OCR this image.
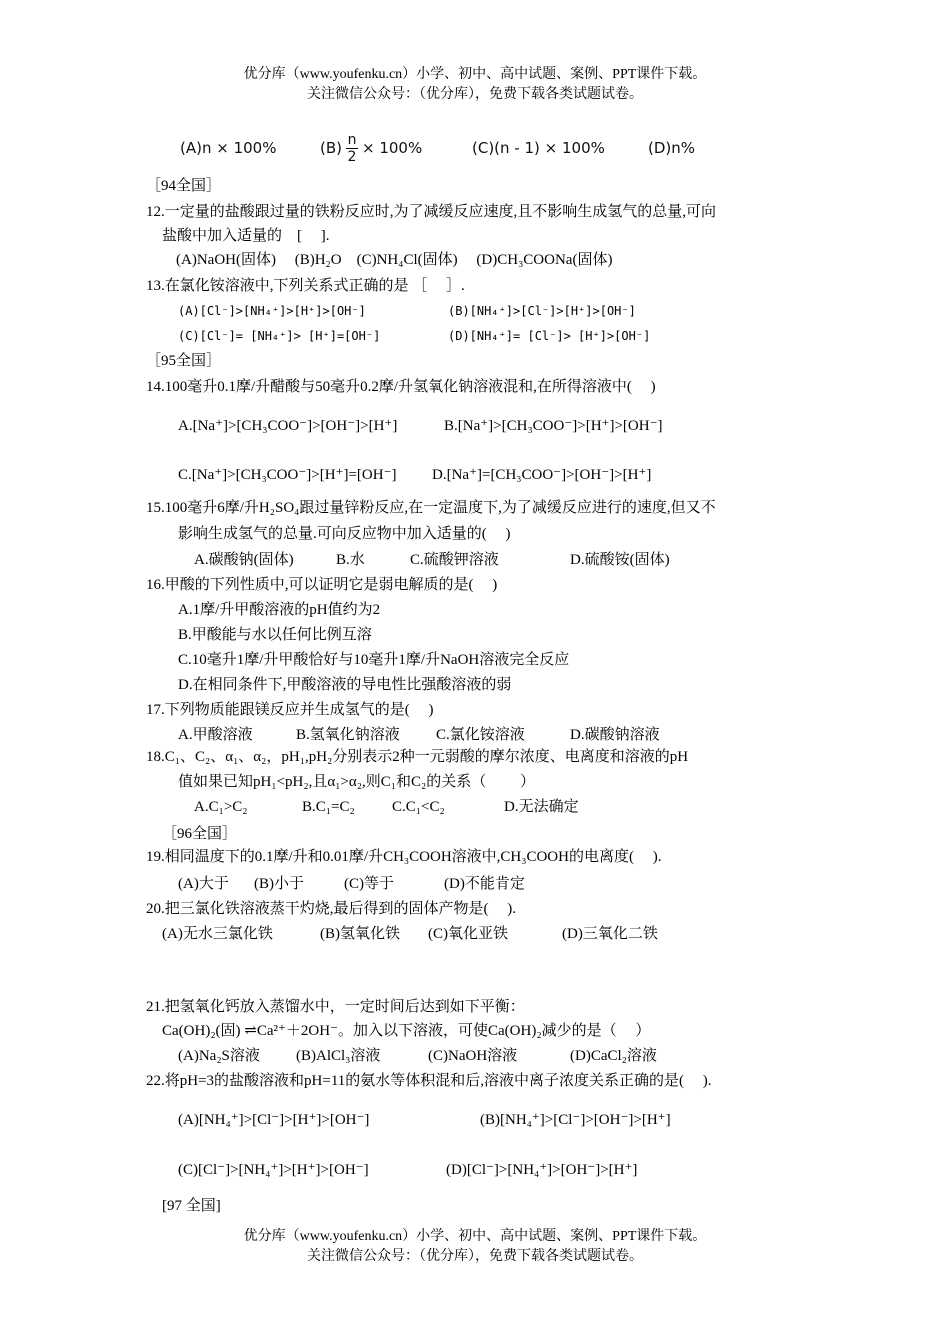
优分库（www.youfenku.cn）小学、初中、高中试题、案例、PPT课件下载。
关注微信公众号：（优分库），免费下载各类试题试卷。
(A)n × 100%	$(B) \frac{n}{2} \times 100\%$	(C)(n - 1) × 100%	(D)n%
［94全国］
12.一定量的盐酸跟过量的铁粉反应时,为了减缓反应速度,且不影响生成氢气的总量,可向
盐酸中加入适量的　[　 ].
(A)NaOH(固体)　 (B)H₂O　(C)NH₄Cl(固体)　 (D)CH₃COONa(固体)
13.在氯化铵溶液中,下列关系式正确的是 ［　 ］.
(A)[Cl⁻]>[NH₄⁺]>[H⁺]>[OH⁻]	(B)[NH₄⁺]>[Cl⁻]>[H⁺]>[OH⁻]
(C)[Cl⁻]= [NH₄⁺]> [H⁺]=[OH⁻]	(D)[NH₄⁺]= [Cl⁻]> [H⁺]>[OH⁻]
［95全国］
14.100毫升0.1摩/升醋酸与50毫升0.2摩/升氢氧化钠溶液混和,在所得溶液中(　 )
A.[Na⁺]>[CH₃COO⁻]>[OH⁻]>[H⁺]	B.[Na⁺]>[CH₃COO⁻]>[H⁺]>[OH⁻]
C.[Na⁺]>[CH₃COO⁻]>[H⁺]=[OH⁻] D.[Na⁺]=[CH₃COO⁻]>[OH⁻]>[H⁺]
15.100毫升6摩/升H₂SO₄跟过量锌粉反应,在一定温度下,为了减缓反应进行的速度,但又不
影响生成氢气的总量.可向反应物中加入适量的(　 )
A.碳酸钠(固体)	B.水	C.硫酸钾溶液	D.硫酸铵(固体)
16.甲酸的下列性质中,可以证明它是弱电解质的是(　 )
A.1摩/升甲酸溶液的pH值约为2
B.甲酸能与水以任何比例互溶
C.10毫升1摩/升甲酸恰好与10毫升1摩/升NaOH溶液完全反应
D.在相同条件下,甲酸溶液的导电性比强酸溶液的弱
17.下列物质能跟镁反应并生成氢气的是(　 )
A.甲酸溶液	B.氢氧化钠溶液 C.氯化铵溶液	D.碳酸钠溶液
18.C₁、C₂、α₁、α₂，pH₁,pH₂分别表示2种一元弱酸的摩尔浓度、电离度和溶液的pH
值如果已知pH₁<pH₂,且α₁>α₂,则C₁和C₂的关系（　　 ）
A.C₁>C₂	B.C₁=C₂ C.C₁<C₂	D.无法确定
［96全国］
19.相同温度下的0.1摩/升和0.01摩/升CH₃COOH溶液中,CH₃COOH的电离度(　 ).
(A)大于 (B)小于	(C)等于	(D)不能肯定
20.把三氯化铁溶液蒸干灼烧,最后得到的固体产物是(　 ).
(A)无水三氯化铁	(B)氢氧化铁 (C)氧化亚铁	(D)三氧化二铁
21.把氢氧化钙放入蒸馏水中，一定时间后达到如下平衡：
Ca(OH)₂(固) ⇌Ca²⁺＋2OH⁻。加入以下溶液，可使Ca(OH)₂减少的是（　 ）
(A)Na₂S溶液 (B)AlCl₃溶液	(C)NaOH溶液	(D)CaCl₂溶液
22.将pH=3的盐酸溶液和pH=11的氨水等体积混和后,溶液中离子浓度关系正确的是(　 ).
(A)[NH₄⁺]>[Cl⁻]>[H⁺]>[OH⁻]	(B)[NH₄⁺]>[Cl⁻]>[OH⁻]>[H⁺]
(C)[Cl⁻]>[NH₄⁺]>[H⁺]>[OH⁻]	(D)[Cl⁻]>[NH₄⁺]>[OH⁻]>[H⁺]
[97 全国]
优分库（www.youfenku.cn）小学、初中、高中试题、案例、PPT课件下载。
关注微信公众号：（优分库），免费下载各类试题试卷。
